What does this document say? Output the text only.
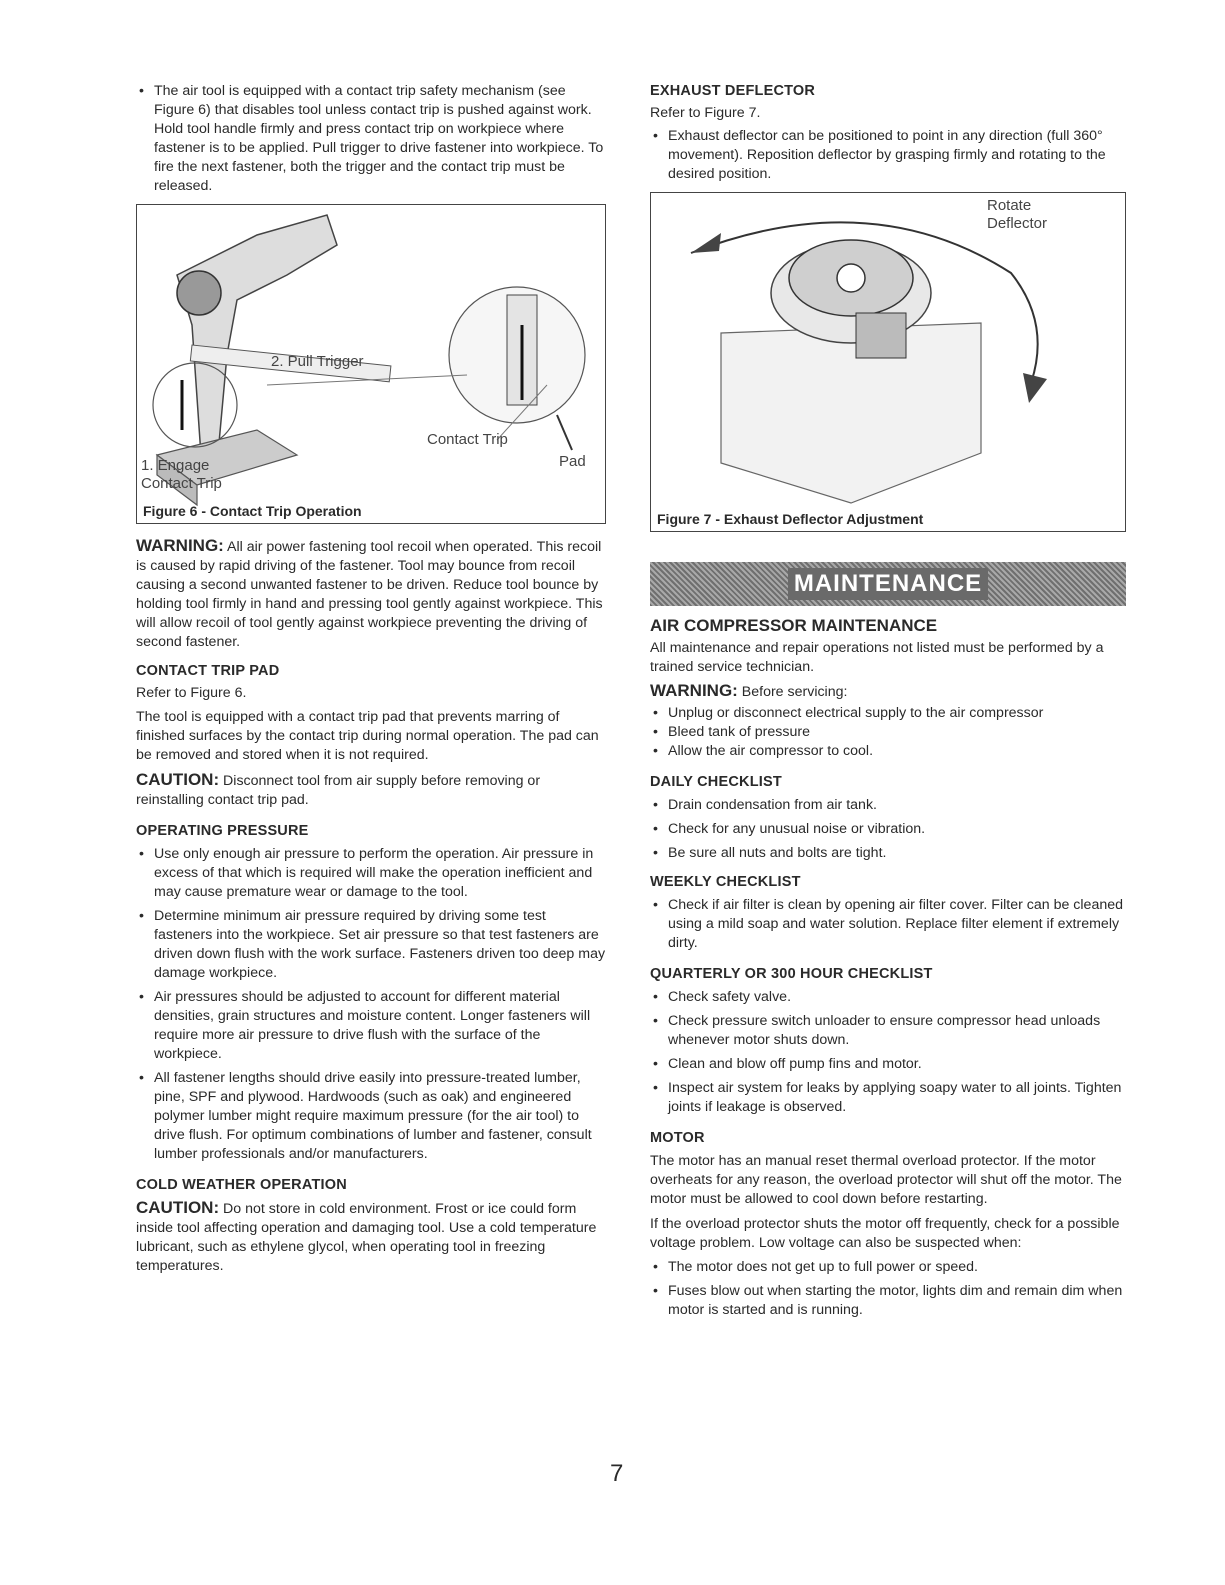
• The air tool is equipped with a contact trip safety mechanism (see Figure 6) that disables tool unless contact trip is pushed against work. Hold tool handle firmly and press contact trip on workpiece where fastener is to be applied. Pull trigger to drive fastener into workpiece. To fire the next fastener, both the trigger and the contact trip must be released.
2. Pull Trigger
Contact Trip
Pad
1. Engage
Contact Trip
Figure 6 - Contact Trip Operation

WARNING: All air power fastening tool recoil when operated. This recoil is caused by rapid driving of the fastener. Tool may bounce from recoil causing a second unwanted fastener to be driven. Reduce tool bounce by holding tool firmly in hand and pressing tool gently against workpiece. This will allow recoil of tool gently against workpiece preventing the driving of second fastener.

CONTACT TRIP PAD

Refer to Figure 6.

The tool is equipped with a contact trip pad that prevents marring of finished surfaces by the contact trip during normal operation. The pad can be removed and stored when it is not required.

CAUTION: Disconnect tool from air supply before removing or reinstalling contact trip pad.

OPERATING PRESSURE

• Use only enough air pressure to perform the operation. Air pressure in excess of that which is required will make the operation inefficient and may cause premature wear or damage to the tool.
• Determine minimum air pressure required by driving some test fasteners into the workpiece. Set air pressure so that test fasteners are driven down flush with the work surface. Fasteners driven too deep may damage workpiece.
• Air pressures should be adjusted to account for different material densities, grain structures and moisture content. Longer fasteners will require more air pressure to drive flush with the surface of the workpiece.
• All fastener lengths should drive easily into pressure-treated lumber, pine, SPF and plywood. Hardwoods (such as oak) and engineered polymer lumber might require maximum pressure (for the air tool) to drive flush. For optimum combinations of lumber and fastener, consult lumber professionals and/or manufacturers.

COLD WEATHER OPERATION

CAUTION: Do not store in cold environment. Frost or ice could form inside tool affecting operation and damaging tool. Use a cold temperature lubricant, such as ethylene glycol, when operating tool in freezing temperatures.

EXHAUST DEFLECTOR

Refer to Figure 7.

• Exhaust deflector can be positioned to point in any direction (full 360° movement). Reposition deflector by grasping firmly and rotating to the desired position.
Rotate
Deflector
Figure 7 - Exhaust Deflector Adjustment
MAINTENANCE

AIR COMPRESSOR MAINTENANCE

All maintenance and repair operations not listed must be performed by a trained service technician.

WARNING: Before servicing:

• Unplug or disconnect electrical supply to the air compressor
• Bleed tank of pressure
• Allow the air compressor to cool.

DAILY CHECKLIST

• Drain condensation from air tank.
• Check for any unusual noise or vibration.
• Be sure all nuts and bolts are tight.

WEEKLY CHECKLIST

• Check if air filter is clean by opening air filter cover. Filter can be cleaned using a mild soap and water solution. Replace filter element if extremely dirty.

QUARTERLY OR 300 HOUR CHECKLIST

• Check safety valve.
• Check pressure switch unloader to ensure compressor head unloads whenever motor shuts down.
• Clean and blow off pump fins and motor.
• Inspect air system for leaks by applying soapy water to all joints. Tighten joints if leakage is observed.

MOTOR

The motor has an manual reset thermal overload protector. If the motor overheats for any reason, the overload protector will shut off the motor. The motor must be allowed to cool down before restarting.

If the overload protector shuts the motor off frequently, check for a possible voltage problem. Low voltage can also be suspected when:

• The motor does not get up to full power or speed.
• Fuses blow out when starting the motor, lights dim and remain dim when motor is started and is running.
7
